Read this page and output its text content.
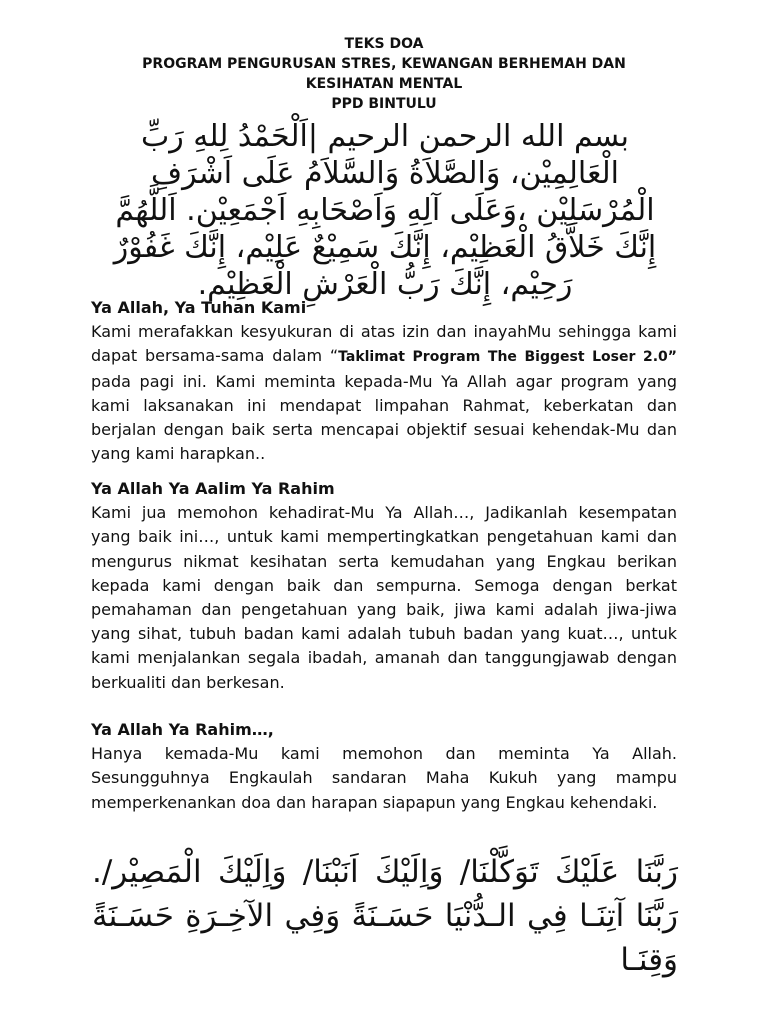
TEKS DOA
PROGRAM PENGURUSAN STRES, KEWANGAN BERHEMAH DAN
KESIHATAN MENTAL
PPD BINTULU
بسم الله الرحمن الرحيم |اَلْحَمْدُ لِلهِ رَبِّ الْعَالِمِيْن، وَالصَّلاَةُ وَالسَّلاَمُ عَلَى اَشْرَفِ الْمُرْسَلِيْن ،وَعَلَى آلِهِ وَاَصْحَابِهِ اَجْمَعِيْن. اَللَّهُمَّ إِنَّكَ خَلاَّقُ الْعَظِيْم، إِنَّكَ سَمِيْعٌ عَلِيْم، إِنَّكَ غَفُوْرٌ رَحِيْم، إِنَّكَ رَبُّ الْعَرْشِ الْعَظِيْم.
Ya Allah, Ya Tuhan Kami
Kami merafakkan kesyukuran di atas izin dan inayahMu sehingga kami dapat bersama-sama dalam “Taklimat Program The Biggest Loser 2.0” pada pagi ini. Kami meminta kepada-Mu Ya Allah agar program yang kami laksanakan ini mendapat limpahan Rahmat, keberkatan dan berjalan dengan baik serta mencapai objektif sesuai kehendak-Mu dan yang kami harapkan..
Ya Allah Ya Aalim Ya Rahim
Kami jua memohon kehadirat-Mu Ya Allah…, Jadikanlah kesempatan yang baik ini…, untuk kami mempertingkatkan pengetahuan kami dan mengurus nikmat kesihatan serta kemudahan yang Engkau berikan kepada kami dengan baik dan sempurna. Semoga dengan berkat pemahaman dan pengetahuan yang baik, jiwa kami adalah jiwa-jiwa yang sihat, tubuh badan kami adalah tubuh badan yang kuat…, untuk kami menjalankan segala ibadah, amanah dan tanggungjawab dengan berkualiti dan berkesan.
Ya Allah Ya Rahim…,
Hanya kemada-Mu kami memohon dan meminta Ya Allah. Sesungguhnya Engkaulah sandaran Maha Kukuh yang mampu memperkenankan doa dan harapan siapapun yang Engkau kehendaki.
رَبَّنَا عَلَيْكَ تَوَكَّلْنَا/ وَاِلَيْكَ اَنَبْنَا/ وَاِلَيْكَ الْمَصِيْر/. رَبَّنَا آتِنَـا فِي الـدُّنْيَا حَسَـنَةً وَفِي الآخِـرَةِ حَسَـنَةً وَقِنَـا
